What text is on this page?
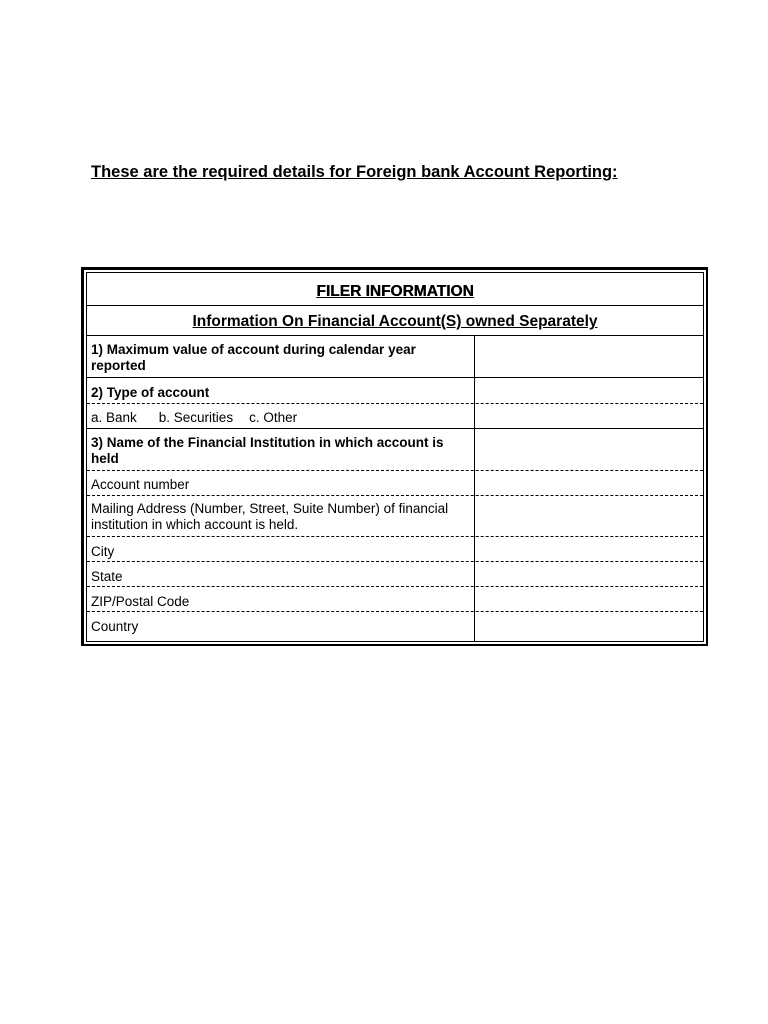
These are the required details for Foreign bank Account Reporting:
FILER INFORMATION
Information On Financial Account(S) owned Separately
1) Maximum value of account during calendar year reported
2) Type of account
a. Bank b. Securities c. Other
3) Name of the Financial Institution in which account is held
Account number
Mailing Address (Number, Street, Suite Number) of financial institution in which account is held.
City
State
ZIP/Postal Code
Country
